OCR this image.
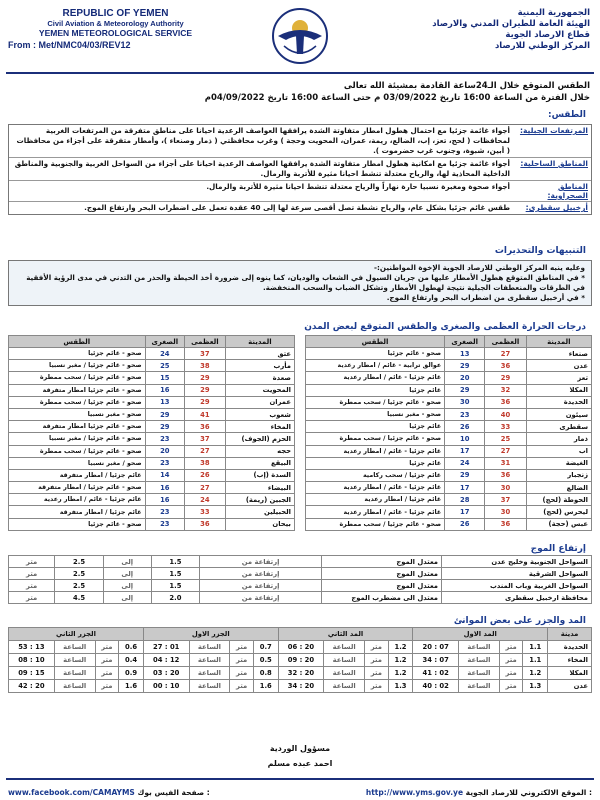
REPUBLIC OF YEMEN
Civil Aviation & Meteorology Authority
YEMEN METEOROLOGICAL SERVICE
From : Met/NMC04/03/REV12
الجمهورية اليمنية
الهيئة العامة للطيران المدني والارصاد
قطاع الارصاد الجوية
المركز الوطني للارصاد
الطقس المتوقع خلال الـ24ساعة القادمة بمشيئة الله تعالى
خلال الفترة من الساعة 16:00 تاريخ 03/09/2022 م حتى الساعة 16:00 تاريخ 04/09/2022م
الطقس:
المرتفعات الجبلية:
أجواء غائمة جزئيا مع احتمال هطول امطار متفاوتة الشدة يرافقها العواصف الرعدية احيانا على مناطق متفرقة من المرتفعات الغربية لمحافظات ( لحج، تعز، إب، الضالع، ريمة، عمران، المحويت وحجة ) وغرب محافظتي ( ذمار وصنعاء )، وأمطار متفرقة على أجزاء من محافظات ( أبين، شبوة، وجنوب غرب حضرموت ).
المناطق الساحلية:
أجواء غائمة جزئيا مع امكانية هطول امطار متفاوتة الشدة يرافقها العواصف الرعدية احيانا على أجزاء من السواحل الغربية والجنوبية والمناطق الداخلية المحاذية لها، والرياح معتدلة تنشط احيانا مثيرة للأتربة والرمال.
المناطق الصحراوية:
أجواء صحوة ومغبرة نسبيا حارة نهاراً والرياح معتدلة تنشط احيانا مثيرة للأتربة والرمال.
أرخبيل سقطرى:
طقس غائم جزئيا بشكل عام، والرياح نشطة تصل أقصى سرعة لها إلى 40 عقدة تعمل على اضطراب البحر وارتفاع الموج.
التنبيهات والتحذيرات
وعليه ينبه المركز الوطني للارصاد الجوية الإخوة المواطنين:-
* في المناطق المتوقع هطول الأمطار عليها من جريان السيول في الشعاب والوديان، كما ينوه إلى ضرورة أخذ الحيطة والحذر من التدني في مدى الرؤية الأفقية في الطرقات والمنعطفات الجبلية نتيجة لهطول الأمطار وتشكل الضباب والسحب المنخفضة.
* في أرخبيل سقطرى من اضطراب البحر وارتفاع الموج.
درجات الحرارة العظمى والصغرى والطقس المتوقع لبعض المدن
المدينة	العظمى	الصغرى	الطقس
صنعاء	27	13	صحو - غائم جزئيا
عدن	36	29	عوالق ترابية - غائم / امطار رعدية
تعز	29	20	غائم جزئيا - غائم / امطار رعدية
المكلا	32	29	غائم جزئيا
الحديدة	36	30	صحو - غائم جزئيا / سحب ممطرة
سيئون	40	23	صحو - مغبر نسبيا
سقطرى	33	26	غائم جزئيا
ذمار	25	10	صحو - غائم جزئيا / سحب ممطرة
اب	27	17	غائم جزئيا - غائم / امطار رعدية
الغيضة	31	24	غائم جزئيا
زنجبار	36	29	غائم جزئيا / سحب ركامية
الضالع	30	17	غائم جزئيا - غائم / امطار رعدية
الحوطة (لحج)	37	28	غائم جزئيا / امطار رعدية
ليحرس (لحج)	30	17	غائم جزئيا - غائم / امطار رعدية
عبس (حجة)	36	26	صحو - غائم جزئيا / سحب ممطرة
المدينة	العظمى	الصغرى	الطقس
عتق	37	24	صحو - غائم جزئيا
مأرب	38	25	صحو - غائم جزئيا / مغبر نسبيا
صعدة	29	15	صحو - غائم جزئيا / سحب ممطرة
المحويت	29	16	صحو - غائم جزئيا امطار متفرقة
عمران	29	13	صحو - غائم جزئيا / سحب ممطرة
شعوب	41	29	صحو - مغبر نسبيا
المخاء	36	29	صحو - غائم جزئيا امطار متفرقة
الحزم (الجوف)	37	23	صحو - غائم جزئيا / مغبر نسبيا
حجه	27	20	صحو - غائم جزئيا / سحب ممطرة
البيقع	38	23	صحو / مغبر نسبيا
السدة (إب)	26	14	غائم جزئيا / امطار متفرقة
البيضاء	27	16	صحو - غائم جزئيا / امطار متفرقة
الجبين (ريمة)	24	16	غائم جزئيا - غائم / امطار رعدية
الحبيلين	33	23	غائم جزئيا / امطار متفرقة
بيحان	36	23	صحو - غائم جزئيا
إرتفاع الموج
السواحل الجنوبية وخليج عدن	معتدل الموج	إرتفاعة من	1.5	إلى	2.5	متر
السواحل الشرقية	معتدل الموج	إرتفاعة من	1.5	إلى	2.5	متر
السواحل الغربية وباب المندب	معتدل الموج	إرتفاعة من	1.5	إلى	2.5	متر
محافظة ارخبيل سقطرى	معتدل الى مضطرب الموج	إرتفاعة من	2.0	إلى	4.5	متر
المد والجزر على بعض الموانئ
مدينة	المد الاول				المد الثاني				الجزر الاول				الجزر الثاني			
الحديدة	1.1	متر	الساعة	07 : 20	1.2	متر	الساعة	20 : 06	0.7	متر	الساعة	01 : 27	0.6	متر	الساعة	13 : 53
المخاء	1.1	متر	الساعة	07 : 34	1.2	متر	الساعة	20 : 09	0.5	متر	الساعة	12 : 04	0.4	متر	الساعة	10 : 08
المكلا	1.2	متر	الساعة	02 : 41	1.2	متر	الساعة	20 : 32	0.8	متر	الساعة	20 : 03	0.9	متر	الساعة	15 : 09
عدن	1.3	متر	الساعة	02 : 40	1.3	متر	الساعة	20 : 34	1.6	متر	الساعة	10 : 00	1.6	متر	الساعة	20 : 42
مسؤول الوردية
احمد عبده مسلم
www.facebook.com/CAMAYMS صفحة الفيس بوك :	http://www.yms.gov.ye الموقع الالكتروني للارصاد الجوية :
